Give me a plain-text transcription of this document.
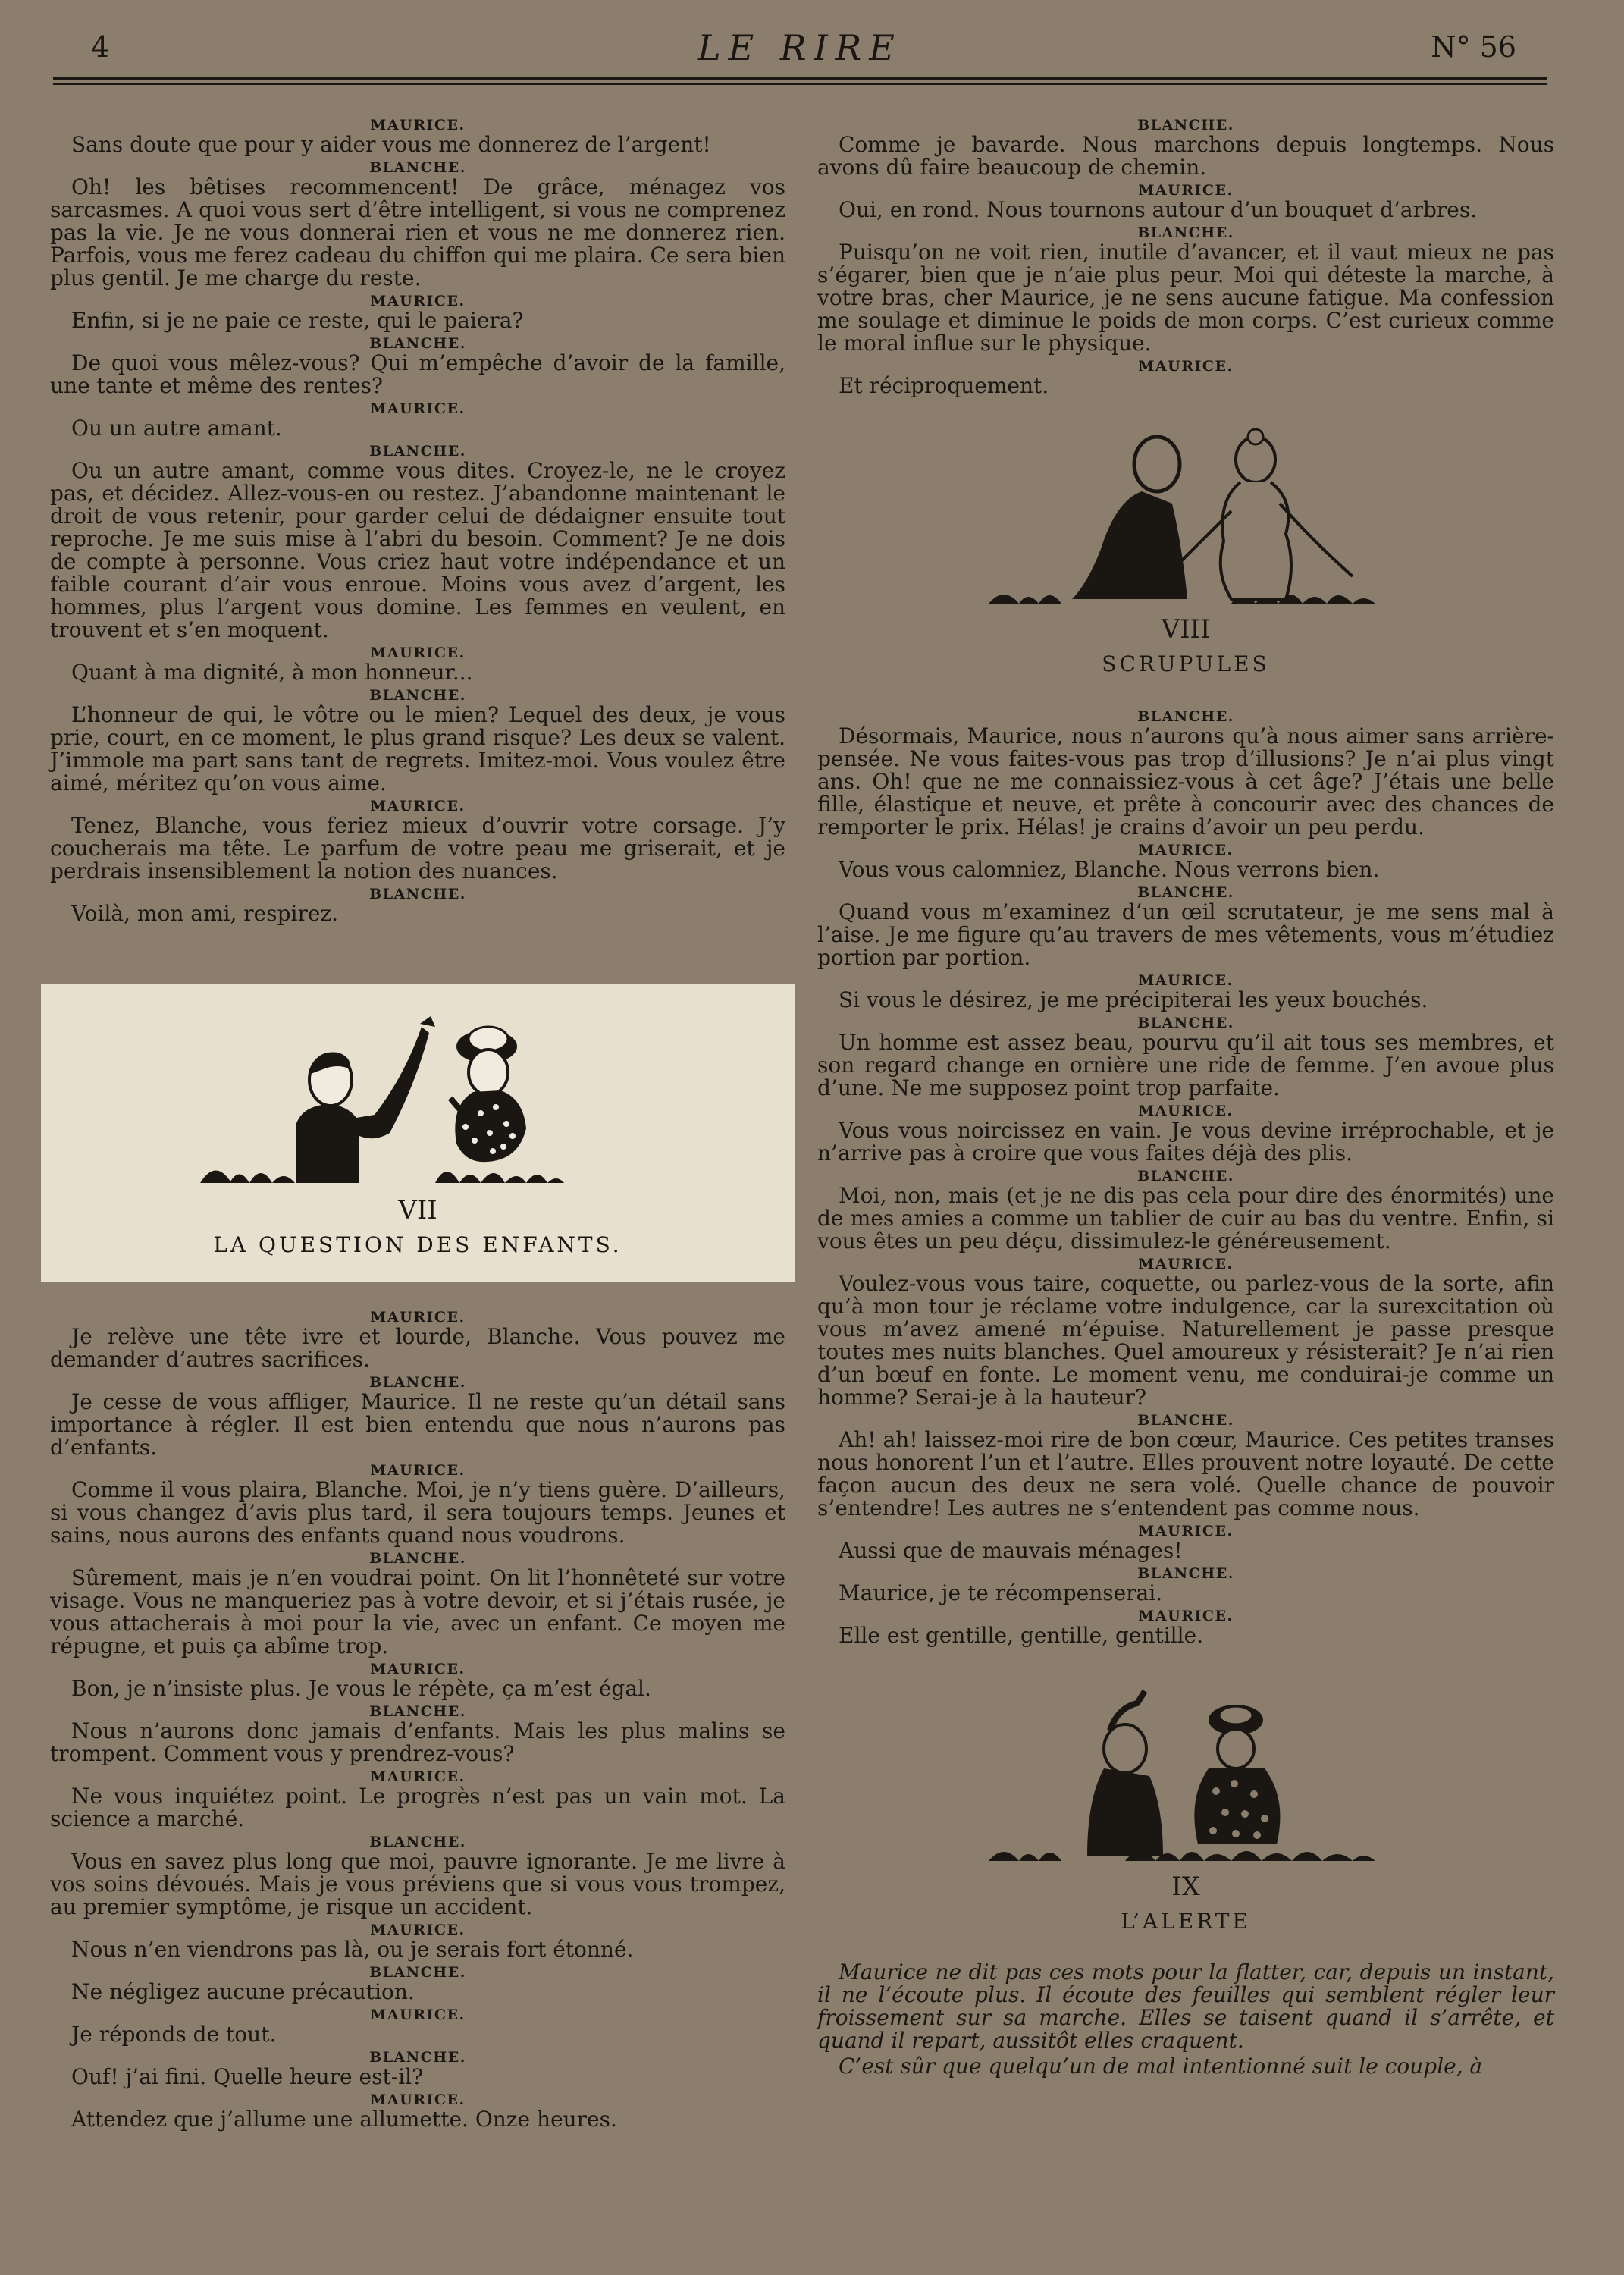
4	LE RIRE	N° 56
MAURICE.

Sans doute que pour y aider vous me donnerez de l’argent!

BLANCHE.

Oh! les bêtises recommencent! De grâce, ménagez vos sarcasmes. A quoi vous sert d’être intelligent, si vous ne comprenez pas la vie. Je ne vous donnerai rien et vous ne me donnerez rien. Parfois, vous me ferez cadeau du chiffon qui me plaira. Ce sera bien plus gentil. Je me charge du reste.

MAURICE.

Enfin, si je ne paie ce reste, qui le paiera?

BLANCHE.

De quoi vous mêlez-vous? Qui m’empêche d’avoir de la famille, une tante et même des rentes?

MAURICE.

Ou un autre amant.

BLANCHE.

Ou un autre amant, comme vous dites. Croyez-le, ne le croyez pas, et décidez. Allez-vous-en ou restez. J’abandonne maintenant le droit de vous retenir, pour garder celui de dédaigner ensuite tout reproche. Je me suis mise à l’abri du besoin. Comment? Je ne dois de compte à personne. Vous criez haut votre indépendance et un faible courant d’air vous enroue. Moins vous avez d’argent, les hommes, plus l’argent vous domine. Les femmes en veulent, en trouvent et s’en moquent.

MAURICE.

Quant à ma dignité, à mon honneur...

BLANCHE.

L’honneur de qui, le vôtre ou le mien? Lequel des deux, je vous prie, court, en ce moment, le plus grand risque? Les deux se valent. J’immole ma part sans tant de regrets. Imitez-moi. Vous voulez être aimé, méritez qu’on vous aime.

MAURICE.

Tenez, Blanche, vous feriez mieux d’ouvrir votre corsage. J’y coucherais ma tête. Le parfum de votre peau me griserait, et je perdrais insensiblement la notion des nuances.

BLANCHE.

Voilà, mon ami, respirez.

VII
LA QUESTION DES ENFANTS.
MAURICE.

Je relève une tête ivre et lourde, Blanche. Vous pouvez me demander d’autres sacrifices.

BLANCHE.

Je cesse de vous affliger, Maurice. Il ne reste qu’un détail sans importance à régler. Il est bien entendu que nous n’aurons pas d’enfants.

MAURICE.

Comme il vous plaira, Blanche. Moi, je n’y tiens guère. D’ailleurs, si vous changez d’avis plus tard, il sera toujours temps. Jeunes et sains, nous aurons des enfants quand nous voudrons.

BLANCHE.

Sûrement, mais je n’en voudrai point. On lit l’honnêteté sur votre visage. Vous ne manqueriez pas à votre devoir, et si j’étais rusée, je vous attacherais à moi pour la vie, avec un enfant. Ce moyen me répugne, et puis ça abîme trop.

MAURICE.

Bon, je n’insiste plus. Je vous le répète, ça m’est égal.

BLANCHE.

Nous n’aurons donc jamais d’enfants. Mais les plus malins se trompent. Comment vous y prendrez-vous?

MAURICE.

Ne vous inquiétez point. Le progrès n’est pas un vain mot. La science a marché.

BLANCHE.

Vous en savez plus long que moi, pauvre ignorante. Je me livre à vos soins dévoués. Mais je vous préviens que si vous vous trompez, au premier symptôme, je risque un accident.

MAURICE.

Nous n’en viendrons pas là, ou je serais fort étonné.

BLANCHE.

Ne négligez aucune précaution.

MAURICE.

Je réponds de tout.

BLANCHE.

Ouf! j’ai fini. Quelle heure est-il?

MAURICE.

Attendez que j’allume une allumette. Onze heures.

BLANCHE.

Comme je bavarde. Nous marchons depuis longtemps. Nous avons dû faire beaucoup de chemin.

MAURICE.

Oui, en rond. Nous tournons autour d’un bouquet d’arbres.

BLANCHE.

Puisqu’on ne voit rien, inutile d’avancer, et il vaut mieux ne pas s’égarer, bien que je n’aie plus peur. Moi qui déteste la marche, à votre bras, cher Maurice, je ne sens aucune fatigue. Ma confession me soulage et diminue le poids de mon corps. C’est curieux comme le moral influe sur le physique.

MAURICE.

Et réciproquement.

VIII
SCRUPULES
BLANCHE.

Désormais, Maurice, nous n’aurons qu’à nous aimer sans arrière-pensée. Ne vous faites-vous pas trop d’illusions? Je n’ai plus vingt ans. Oh! que ne me connaissiez-vous à cet âge? J’étais une belle fille, élastique et neuve, et prête à concourir avec des chances de remporter le prix. Hélas! je crains d’avoir un peu perdu.

MAURICE.

Vous vous calomniez, Blanche. Nous verrons bien.

BLANCHE.

Quand vous m’examinez d’un œil scrutateur, je me sens mal à l’aise. Je me figure qu’au travers de mes vêtements, vous m’étudiez portion par portion.

MAURICE.

Si vous le désirez, je me précipiterai les yeux bouchés.

BLANCHE.

Un homme est assez beau, pourvu qu’il ait tous ses membres, et son regard change en ornière une ride de femme. J’en avoue plus d’une. Ne me supposez point trop parfaite.

MAURICE.

Vous vous noircissez en vain. Je vous devine irréprochable, et je n’arrive pas à croire que vous faites déjà des plis.

BLANCHE.

Moi, non, mais (et je ne dis pas cela pour dire des énormités) une de mes amies a comme un tablier de cuir au bas du ventre. Enfin, si vous êtes un peu déçu, dissimulez-le généreusement.

MAURICE.

Voulez-vous vous taire, coquette, ou parlez-vous de la sorte, afin qu’à mon tour je réclame votre indulgence, car la surexcitation où vous m’avez amené m’épuise. Naturellement je passe presque toutes mes nuits blanches. Quel amoureux y résisterait? Je n’ai rien d’un bœuf en fonte. Le moment venu, me conduirai-je comme un homme? Serai-je à la hauteur?

BLANCHE.

Ah! ah! laissez-moi rire de bon cœur, Maurice. Ces petites transes nous honorent l’un et l’autre. Elles prouvent notre loyauté. De cette façon aucun des deux ne sera volé. Quelle chance de pouvoir s’entendre! Les autres ne s’entendent pas comme nous.

MAURICE.

Aussi que de mauvais ménages!

BLANCHE.

Maurice, je te récompenserai.

MAURICE.

Elle est gentille, gentille, gentille.

IX
L’ALERTE

Maurice ne dit pas ces mots pour la flatter, car, depuis un instant, il ne l’écoute plus. Il écoute des feuilles qui semblent régler leur froissement sur sa marche. Elles se taisent quand il s’arrête, et quand il repart, aussitôt elles craquent.

C’est sûr que quelqu’un de mal intentionné suit le couple, à
